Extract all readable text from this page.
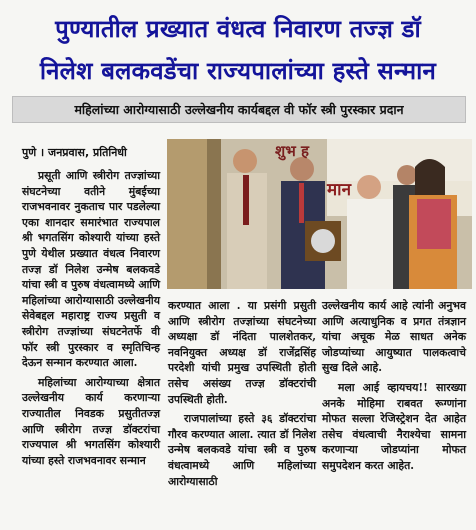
पुण्यातील प्रख्यात वंधत्व निवारण तज्ज्ञ डॉ
निलेश बलकवडेंचा राज्यपालांच्या हस्ते सन्मान
महिलांच्या आरोग्यासाठी उल्लेखनीय कार्यबद्दल वी फॉर स्त्री पुरस्कार प्रदान
पुणे । जनप्रवास, प्रतिनिधी	शुभ ह
मान

प्रसूती आणि स्त्रीरोग तज्ज्ञांच्या संघटनेच्या वतीने मुंबईच्या राजभवनावर नुकताच पार पडलेल्या एका शानदार समारंभात राज्यपाल श्री भगतसिंग कोश्यारी यांच्या हस्ते पुणे येथील प्रख्यात वंधत्व निवारण तज्ज्ञ डॉ निलेश उन्मेष बलकवडे यांचा स्त्री व पुरुष वंधत्वामध्ये आणि महिलांच्या आरोग्यासाठी उल्लेखनीय सेवेबद्दल महाराष्ट्र राज्य प्रसुती व स्त्रीरोग तज्ज्ञांच्या संघटनेतर्फे वी फॉर स्त्री पुरस्कार व स्मृतिचिन्ह देऊन सन्मान करण्यात आला.

महिलांच्या आरोग्याच्या क्षेत्रात उल्लेखनीय कार्य करणाऱ्या राज्यातील निवडक प्रसुतीतज्ज्ञ आणि स्त्रीरोग तज्ज्ञ डॉक्टरांचा राज्यपाल श्री भगतसिंग कोश्यारी यांच्या हस्ते राजभवनावर सन्मान

करण्यात आला . या प्रसंगी प्रसुती आणि स्त्रीरोग तज्ज्ञांच्या संघटनेच्या अध्यक्षा डॉ नंदिता पालशेतकर, नवनियुक्त अध्यक्ष डॉ राजेंद्रसिंह परदेशी यांची प्रमुख उपस्थिती होती तसेच असंख्य तज्ज्ञ डॉक्टरांची उपस्थिती होती.

राजपालांच्या हस्ते ३६ डॉक्टरांचा गौरव करण्यात आला. त्यात डॉ निलेश उन्मेष बलकवडे यांचा स्त्री व पुरुष वंधत्वामध्ये आणि महिलांच्या आरोग्यासाठी

उल्लेखनीय कार्य आहे त्यांनी अनुभव आणि अत्याधुनिक व प्रगत तंत्रज्ञान यांचा अचूक मेळ साधत अनेक जोडप्यांच्या आयुष्यात पालकत्वाचे सुख दिले आहे.

मला आई व्हायचय!! सारख्या अनके मोहिमा राबवत रूग्णांना मोफत सल्ला रेजिस्ट्रेशन देत आहेत तसेच वंधत्वाची नैराश्येचा सामना करणाऱ्या जोडप्यांना मोफत समुपदेशन करत आहेत.
